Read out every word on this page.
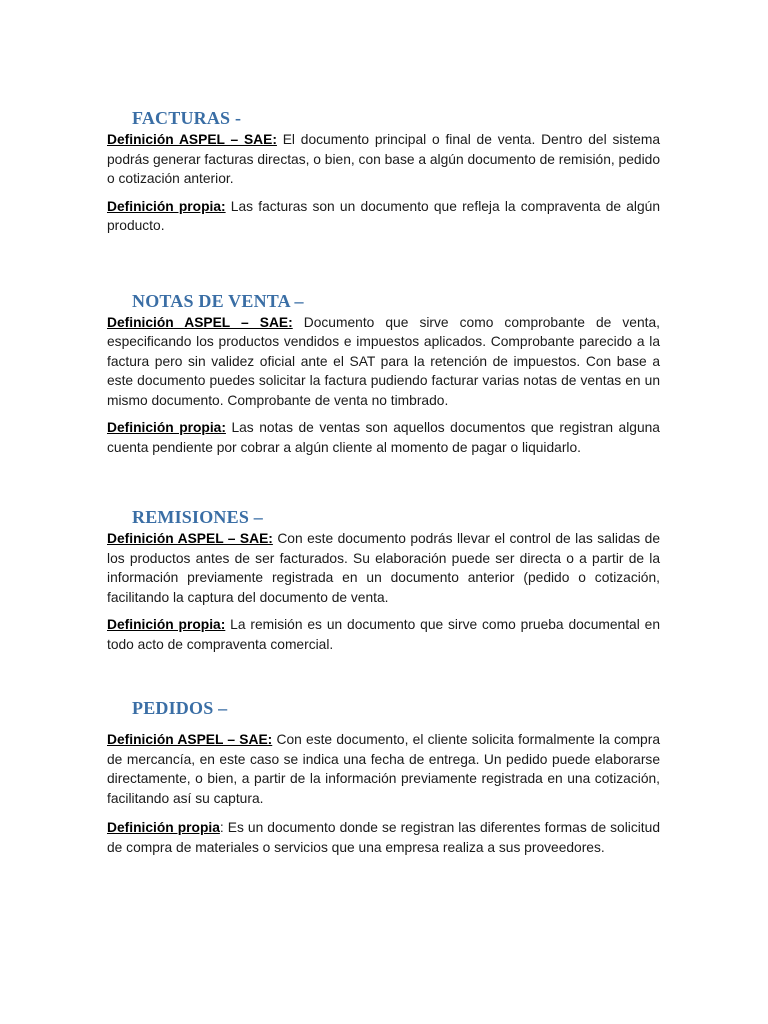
FACTURAS -

Definición ASPEL – SAE: El documento principal o final de venta. Dentro del sistema podrás generar facturas directas, o bien, con base a algún documento de remisión, pedido o cotización anterior.

Definición propia: Las facturas son un documento que refleja la compraventa de algún producto.

NOTAS DE VENTA –

Definición ASPEL – SAE: Documento que sirve como comprobante de venta, especificando los productos vendidos e impuestos aplicados. Comprobante parecido a la factura pero sin validez oficial ante el SAT para la retención de impuestos. Con base a este documento puedes solicitar la factura pudiendo facturar varias notas de ventas en un mismo documento. Comprobante de venta no timbrado.

Definición propia: Las notas de ventas son aquellos documentos que registran alguna cuenta pendiente por cobrar a algún cliente al momento de pagar o liquidarlo.

REMISIONES –

Definición ASPEL – SAE: Con este documento podrás llevar el control de las salidas de los productos antes de ser facturados. Su elaboración puede ser directa o a partir de la información previamente registrada en un documento anterior (pedido o cotización, facilitando la captura del documento de venta.

Definición propia: La remisión es un documento que sirve como prueba documental en todo acto de compraventa comercial.

PEDIDOS –

Definición ASPEL – SAE: Con este documento, el cliente solicita formalmente la compra de mercancía, en este caso se indica una fecha de entrega. Un pedido puede elaborarse directamente, o bien, a partir de la información previamente registrada en una cotización, facilitando así su captura.

Definición propia: Es un documento donde se registran las diferentes formas de solicitud de compra de materiales o servicios que una empresa realiza a sus proveedores.
